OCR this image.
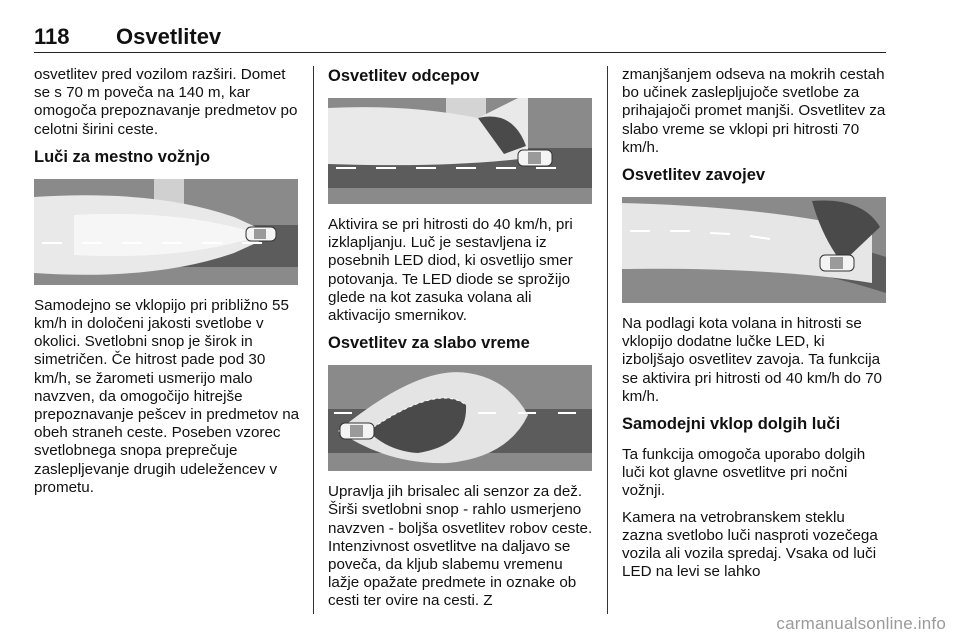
118 Osvetlitev

osvetlitev pred vozilom razširi. Domet se s 70 m poveča na 140 m, kar omogoča prepoznavanje predmetov po celotni širini ceste.

Luči za mestno vožnjo

Samodejno se vklopijo pri približno 55 km/h in določeni jakosti svetlobe v okolici. Svetlobni snop je širok in simetričen. Če hitrost pade pod 30 km/h, se žarometi usmerijo malo navzven, da omogočijo hitrejše prepoznavanje pešcev in predmetov na obeh straneh ceste. Poseben vzorec svetlobnega snopa preprečuje zaslepljevanje drugih udeležencev v prometu.

Osvetlitev odcepov

Aktivira se pri hitrosti do 40 km/h, pri izklapljanju. Luč je sestavljena iz posebnih LED diod, ki osvetlijo smer potovanja. Te LED diode se sprožijo glede na kot zasuka volana ali aktivacijo smernikov.

Osvetlitev za slabo vreme

Upravlja jih brisalec ali senzor za dež. Širši svetlobni snop - rahlo usmerjeno navzven - boljša osvetlitev robov ceste. Intenzivnost osvetlitve na daljavo se poveča, da kljub slabemu vremenu lažje opažate predmete in oznake ob cesti ter ovire na cesti. Z

zmanjšanjem odseva na mokrih cestah bo učinek zaslepljujoče svetlobe za prihajajoči promet manjši. Osvetlitev za slabo vreme se vklopi pri hitrosti 70 km/h.

Osvetlitev zavojev

Na podlagi kota volana in hitrosti se vklopijo dodatne lučke LED, ki izboljšajo osvetlitev zavoja. Ta funkcija se aktivira pri hitrosti od 40 km/h do 70 km/h.

Samodejni vklop dolgih luči

Ta funkcija omogoča uporabo dolgih luči kot glavne osvetlitve pri nočni vožnji.

Kamera na vetrobranskem steklu zazna svetlobo luči nasproti vozečega vozila ali vozila spredaj. Vsaka od luči LED na levi se lahko

carmanualsonline.info
